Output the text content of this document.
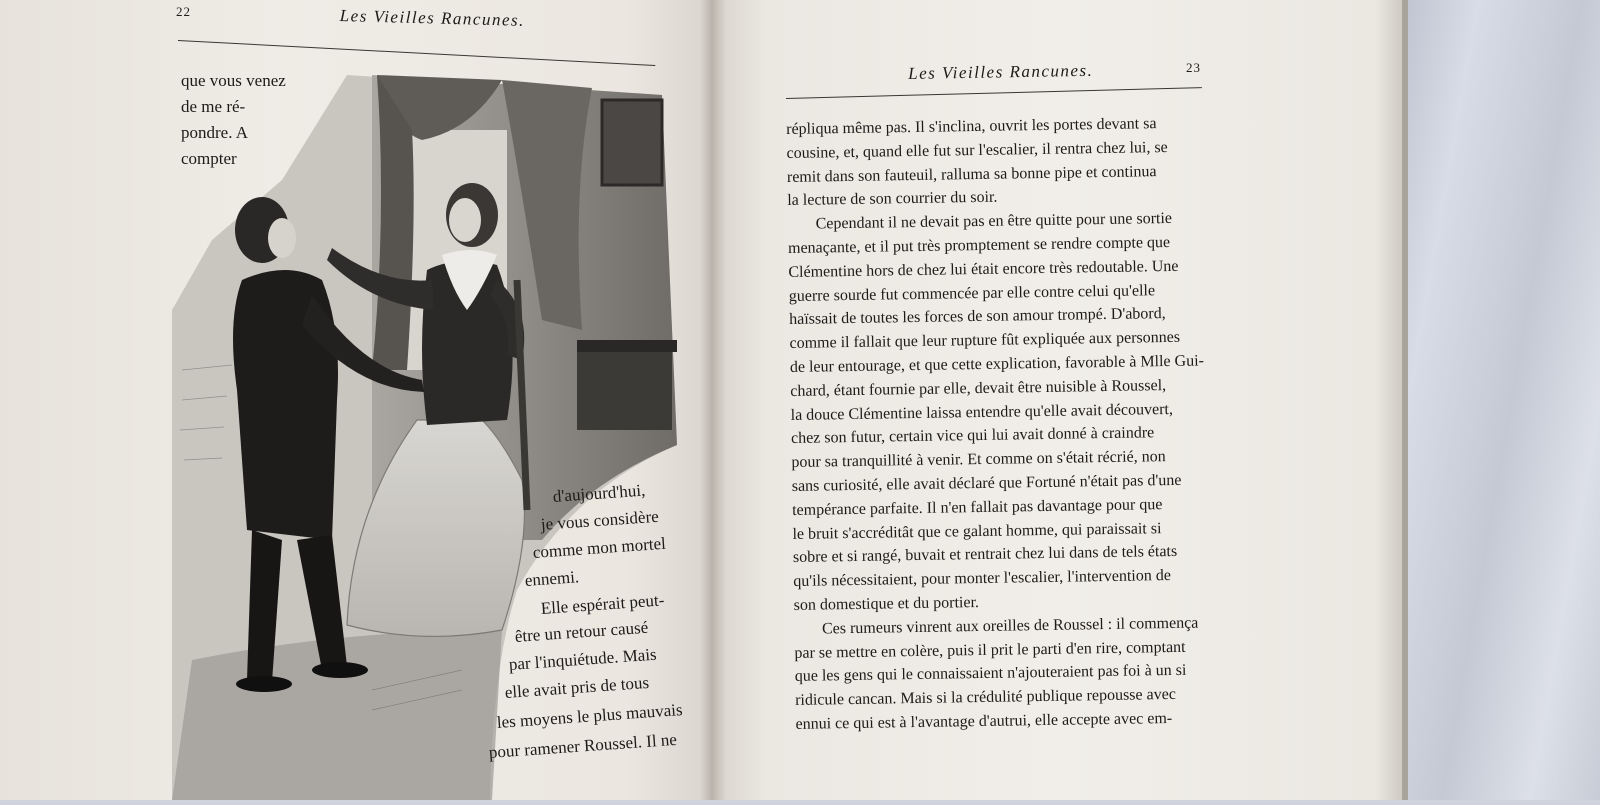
22	Les Vieilles Rancunes.
que vous venez
de me ré-
pondre. A
compter
d'aujourd'hui,
je vous considère
comme mon mortel
ennemi.
Elle espérait peut-
être un retour causé
par l'inquiétude. Mais
elle avait pris de tous
les moyens le plus mauvais
pour ramener Roussel. Il ne
Les Vieilles Rancunes.	23
répliqua même pas. Il s'inclina, ouvrit les portes devant sa
cousine, et, quand elle fut sur l'escalier, il rentra chez lui, se
remit dans son fauteuil, ralluma sa bonne pipe et continua
la lecture de son courrier du soir.
Cependant il ne devait pas en être quitte pour une sortie
menaçante, et il put très promptement se rendre compte que
Clémentine hors de chez lui était encore très redoutable. Une
guerre sourde fut commencée par elle contre celui qu'elle
haïssait de toutes les forces de son amour trompé. D'abord,
comme il fallait que leur rupture fût expliquée aux personnes
de leur entourage, et que cette explication, favorable à Mlle Gui-
chard, étant fournie par elle, devait être nuisible à Roussel,
la douce Clémentine laissa entendre qu'elle avait découvert,
chez son futur, certain vice qui lui avait donné à craindre
pour sa tranquillité à venir. Et comme on s'était récrié, non
sans curiosité, elle avait déclaré que Fortuné n'était pas d'une
tempérance parfaite. Il n'en fallait pas davantage pour que
le bruit s'accréditât que ce galant homme, qui paraissait si
sobre et si rangé, buvait et rentrait chez lui dans de tels états
qu'ils nécessitaient, pour monter l'escalier, l'intervention de
son domestique et du portier.
Ces rumeurs vinrent aux oreilles de Roussel : il commença
par se mettre en colère, puis il prit le parti d'en rire, comptant
que les gens qui le connaissaient n'ajouteraient pas foi à un si
ridicule cancan. Mais si la crédulité publique repousse avec
ennui ce qui est à l'avantage d'autrui, elle accepte avec em-
